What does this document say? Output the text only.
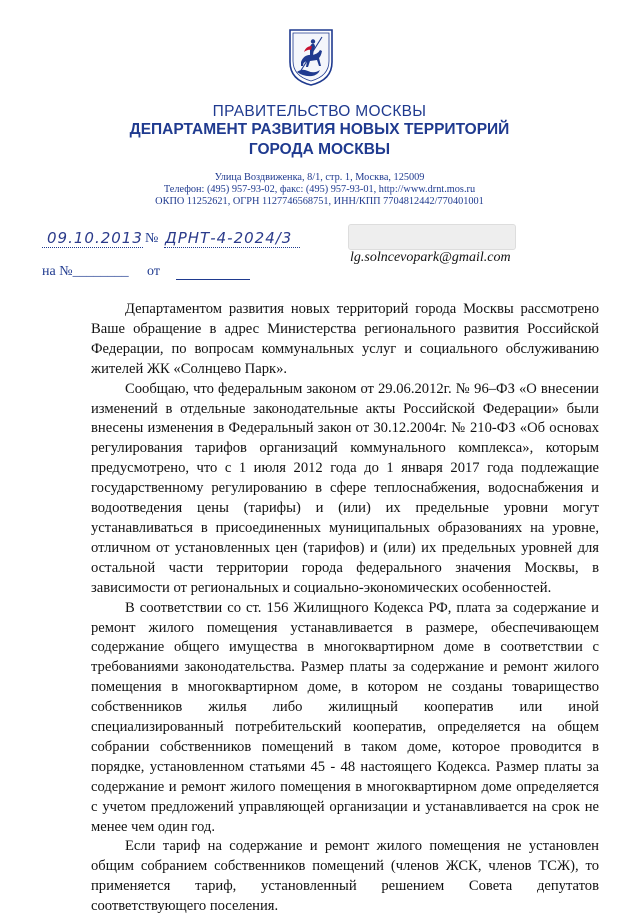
ПРАВИТЕЛЬСТВО МОСКВЫ
ДЕПАРТАМЕНТ РАЗВИТИЯ НОВЫХ ТЕРРИТОРИЙ
ГОРОДА МОСКВЫ
Улица Воздвиженка, 8/1, стр. 1, Москва, 125009
Телефон: (495) 957-93-02, факс: (495) 957-93-01, http://www.drnt.mos.ru
ОКПО 11252621, ОГРН 1127746568751, ИНН/КПП 7704812442/770401001
09.10.2013 № ДРНТ-4-2024/3
на №________ от
lg.solncevopark@gmail.com

Департаментом развития новых территорий города Москвы рассмотрено Ваше обращение в адрес Министерства регионального развития Российской Федерации, по вопросам коммунальных услуг и социального обслуживанию жителей ЖК «Солнцево Парк».

Сообщаю, что федеральным законом от 29.06.2012г. № 96–ФЗ «О внесении изменений в отдельные законодательные акты Российской Федерации» были внесены изменения в Федеральный закон от 30.12.2004г. № 210-ФЗ «Об основах регулирования тарифов организаций коммунального комплекса», которым предусмотрено, что с 1 июля 2012 года до 1 января 2017 года подлежащие государственному регулированию в сфере теплоснабжения, водоснабжения и водоотведения цены (тарифы) и (или) их предельные уровни могут устанавливаться в присоединенных муниципальных образованиях на уровне, отличном от установленных цен (тарифов) и (или) их предельных уровней для остальной части территории города федерального значения Москвы, в зависимости от региональных и социально-экономических особенностей.

В соответствии со ст. 156 Жилищного Кодекса РФ, плата за содержание и ремонт жилого помещения устанавливается в размере, обеспечивающем содержание общего имущества в многоквартирном доме в соответствии с требованиями законодательства. Размер платы за содержание и ремонт жилого помещения в многоквартирном доме, в котором не созданы товарищество собственников жилья либо жилищный кооператив или иной специализированный потребительский кооператив, определяется на общем собрании собственников помещений в таком доме, которое проводится в порядке, установленном статьями 45 - 48 настоящего Кодекса. Размер платы за содержание и ремонт жилого помещения в многоквартирном доме определяется с учетом предложений управляющей организации и устанавливается на срок не менее чем один год.

Если тариф на содержание и ремонт жилого помещения не установлен общим собранием собственников помещений (членов ЖСК, членов ТСЖ), то применяется тариф, установленный решением Совета депутатов соответствующего поселения.
